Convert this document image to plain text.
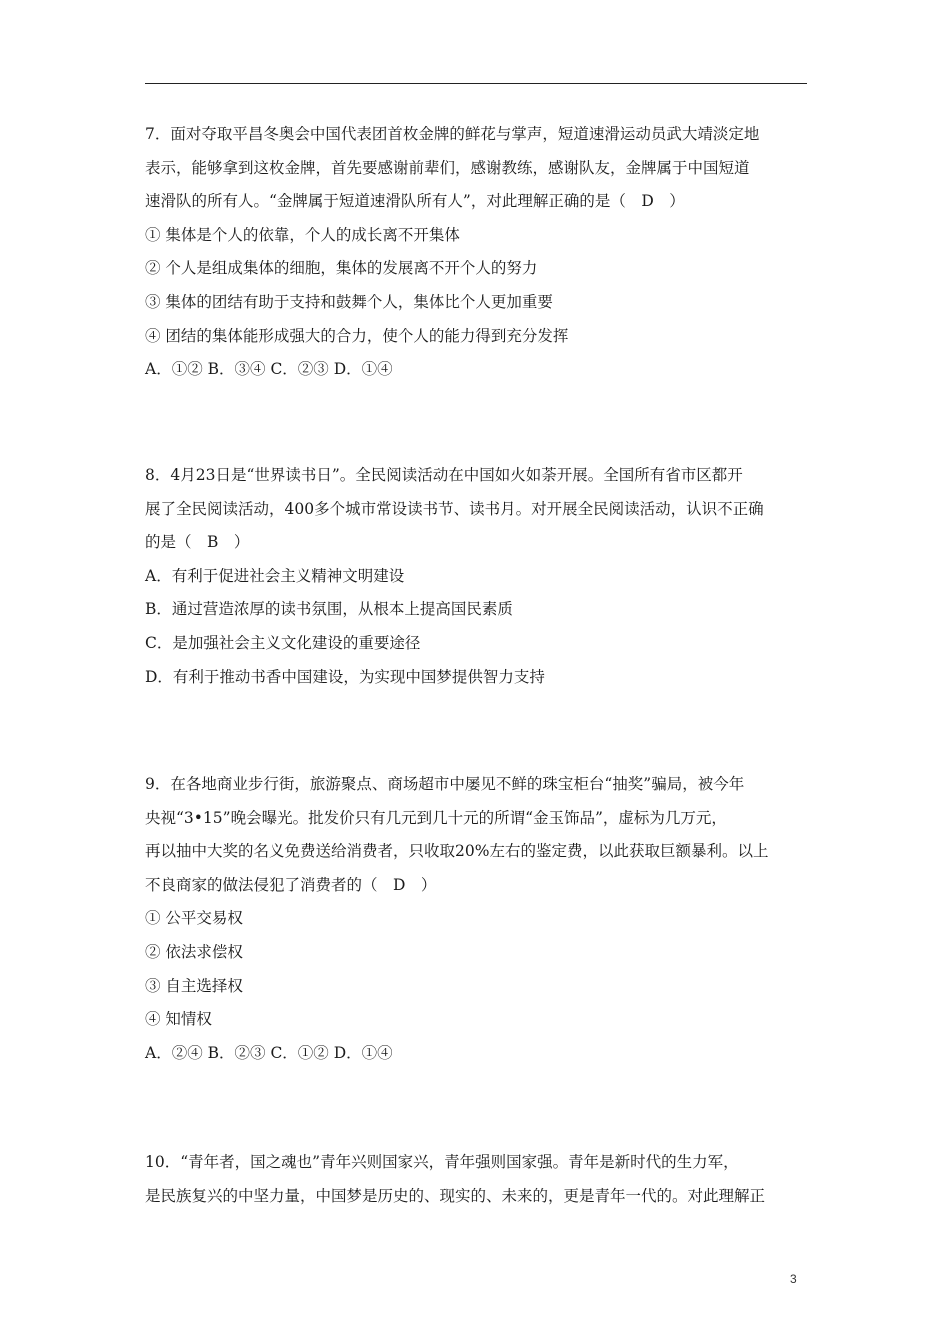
7．面对夺取平昌冬奥会中国代表团首枚金牌的鲜花与掌声，短道速滑运动员武大靖淡定地
表示，能够拿到这枚金牌，首先要感谢前辈们，感谢教练，感谢队友，金牌属于中国短道
速滑队的所有人。“金牌属于短道速滑队所有人”，对此理解正确的是（　D　）
① 集体是个人的依靠，个人的成长离不开集体
② 个人是组成集体的细胞，集体的发展离不开个人的努力
③ 集体的团结有助于支持和鼓舞个人，集体比个人更加重要
④ 团结的集体能形成强大的合力，使个人的能力得到充分发挥
A．①② B．③④ C．②③ D．①④
8．4月23日是“世界读书日”。全民阅读活动在中国如火如荼开展。全国所有省市区都开
展了全民阅读活动，400多个城市常设读书节、读书月。对开展全民阅读活动，认识不正确
的是（　B　）
A．有利于促进社会主义精神文明建设
B．通过营造浓厚的读书氛围，从根本上提高国民素质
C．是加强社会主义文化建设的重要途径
D．有利于推动书香中国建设，为实现中国梦提供智力支持
9．在各地商业步行街，旅游聚点、商场超市中屡见不鲜的珠宝柜台“抽奖”骗局，被今年
央视“3•15”晚会曝光。批发价只有几元到几十元的所谓“金玉饰品”，虚标为几万元，
再以抽中大奖的名义免费送给消费者，只收取20%左右的鉴定费，以此获取巨额暴利。以上
不良商家的做法侵犯了消费者的（　D　）
① 公平交易权
② 依法求偿权
③ 自主选择权
④ 知情权
A．②④ B．②③ C．①② D．①④
10．“青年者，国之魂也”青年兴则国家兴，青年强则国家强。青年是新时代的生力军，
是民族复兴的中坚力量，中国梦是历史的、现实的、未来的，更是青年一代的。对此理解正
3
